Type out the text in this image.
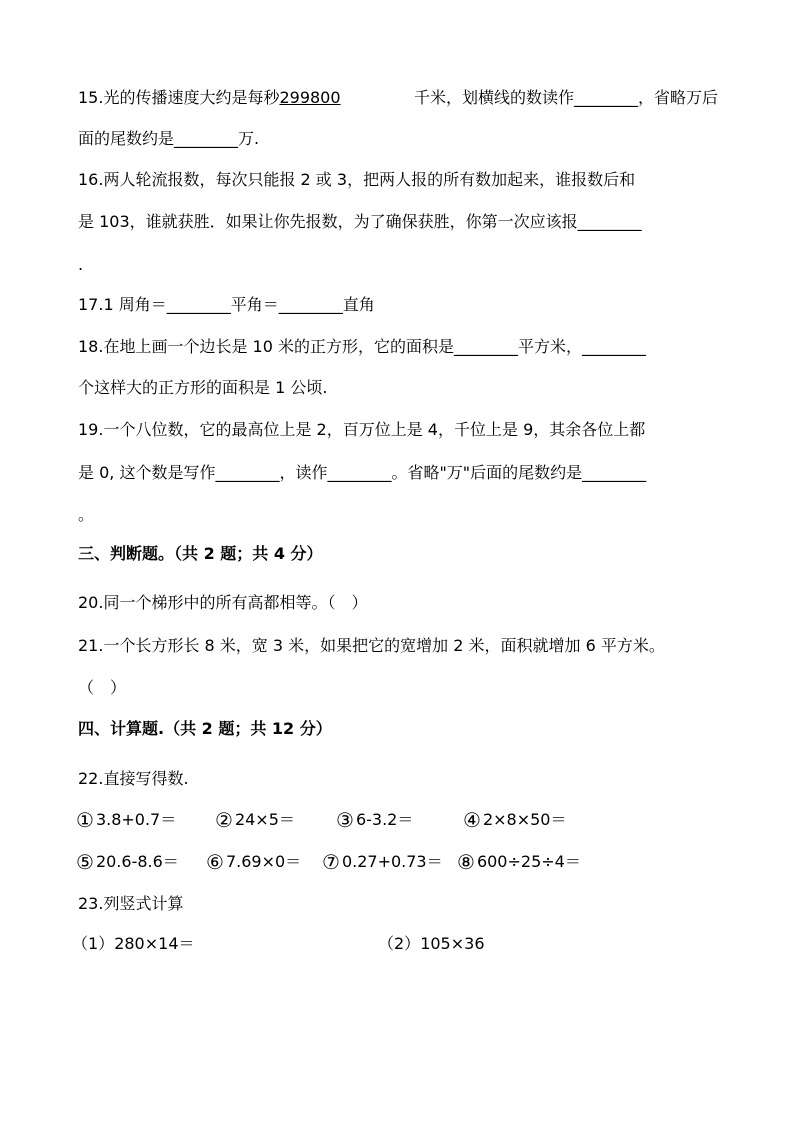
15.光的传播速度大约是每秒299800	千米，划横线的数读作________，省略万后
面的尾数约是________万.
16.两人轮流报数，每次只能报 2 或 3，把两人报的所有数加起来，谁报数后和
是 103，谁就获胜．如果让你先报数，为了确保获胜，你第一次应该报________
.
17.1 周角＝________平角＝________直角
18.在地上画一个边长是 10 米的正方形，它的面积是________平方米，________
个这样大的正方形的面积是 1 公顷.
19.一个八位数，它的最高位上是 2，百万位上是 4，千位上是 9，其余各位上都
是 0, 这个数是写作________，读作________。省略"万"后面的尾数约是________
。
三、判断题。（共 2 题；共 4 分）
20.同一个梯形中的所有高都相等。（　）
21.一个长方形长 8 米，宽 3 米，如果把它的宽增加 2 米，面积就增加 6 平方米。
（　）
四、计算题.（共 2 题；共 12 分）
22.直接写得数.
① 3.8+0.7＝ ② 24×5＝ ③ 6-3.2＝ ④ 2×8×50＝
⑤ 20.6-8.6＝ ⑥ 7.69×0＝ ⑦ 0.27+0.73＝ ⑧ 600÷25÷4＝
23.列竖式计算
（1）280×14＝	（2）105×36
